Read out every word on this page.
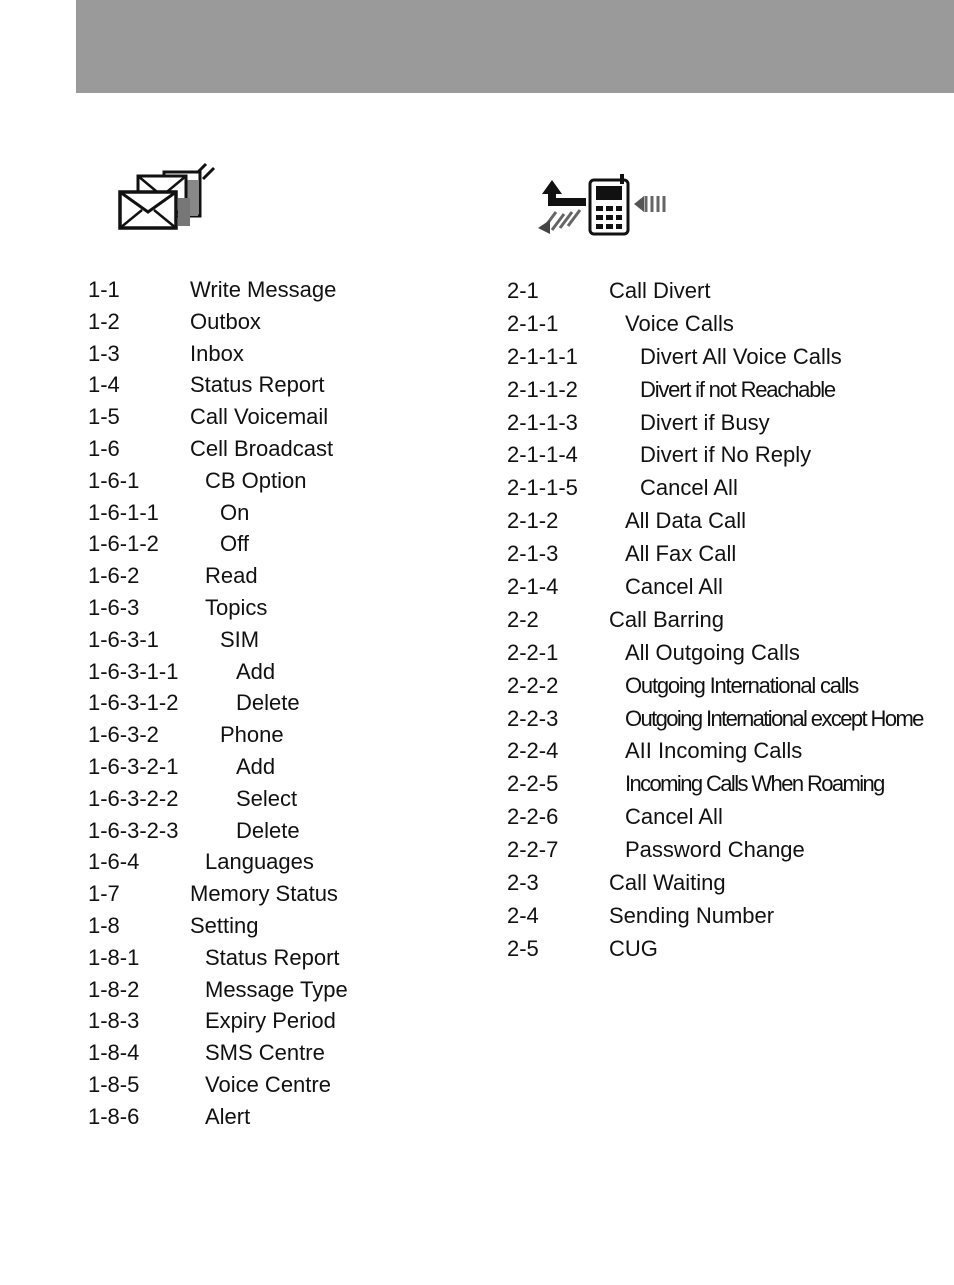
1-1	Write Message
1-2	Outbox
1-3	Inbox
1-4	Status Report
1-5	Call Voicemail
1-6	Cell Broadcast
1-6-1	CB Option
1-6-1-1	On
1-6-1-2	Off
1-6-2	Read
1-6-3	Topics
1-6-3-1	SIM
1-6-3-1-1	Add
1-6-3-1-2	Delete
1-6-3-2	Phone
1-6-3-2-1	Add
1-6-3-2-2	Select
1-6-3-2-3	Delete
1-6-4	Languages
1-7	Memory Status
1-8	Setting
1-8-1	Status Report
1-8-2	Message Type
1-8-3	Expiry Period
1-8-4	SMS Centre
1-8-5	Voice Centre
1-8-6	Alert
2-1	Call Divert
2-1-1	Voice Calls
2-1-1-1	Divert All Voice Calls
2-1-1-2	Divert if not Reachable
2-1-1-3	Divert if Busy
2-1-1-4	Divert if No Reply
2-1-1-5	Cancel All
2-1-2	All Data Call
2-1-3	All Fax Call
2-1-4	Cancel All
2-2	Call Barring
2-2-1	All Outgoing Calls
2-2-2	Outgoing International calls
2-2-3	Outgoing International except Home
2-2-4	AII Incoming Calls
2-2-5	Incoming Calls When Roaming
2-2-6	Cancel All
2-2-7	Password Change
2-3	Call Waiting
2-4	Sending Number
2-5	CUG
